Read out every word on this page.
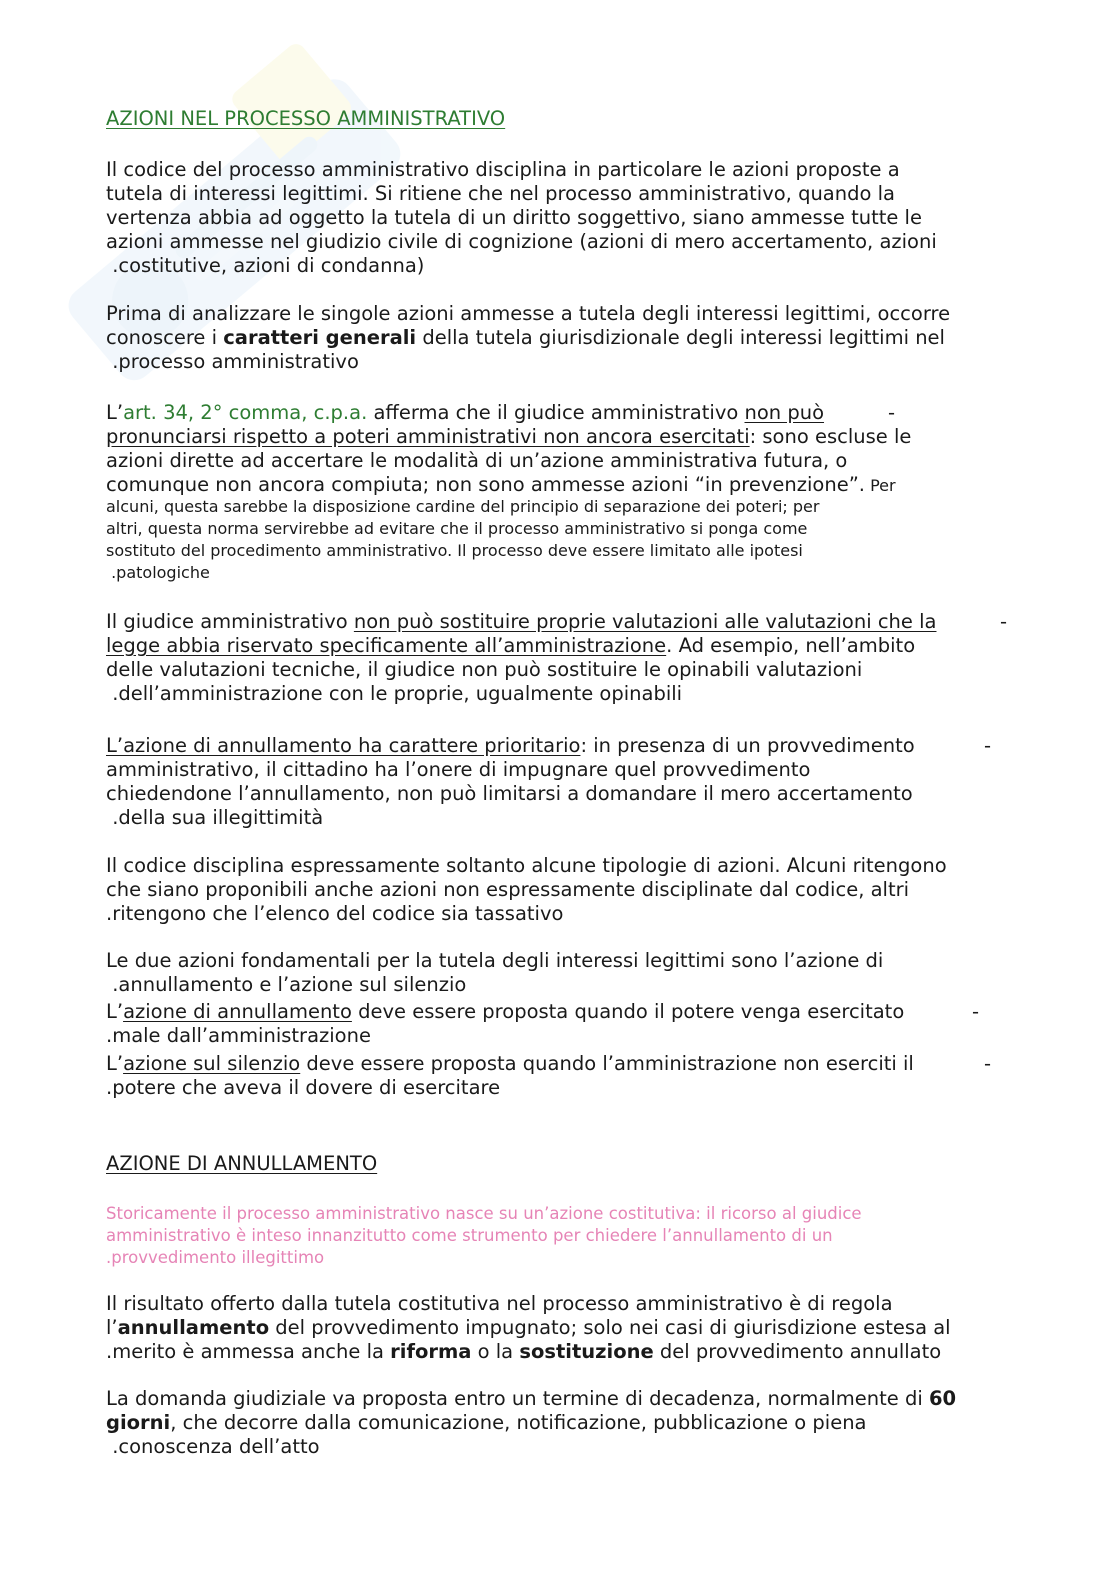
AZIONI NEL PROCESSO AMMINISTRATIVO
Il codice del processo amministrativo disciplina in particolare le azioni proposte a
tutela di interessi legittimi. Si ritiene che nel processo amministrativo, quando la
vertenza abbia ad oggetto la tutela di un diritto soggettivo, siano ammesse tutte le
azioni ammesse nel giudizio civile di cognizione (azioni di mero accertamento, azioni
.costitutive, azioni di condanna)
Prima di analizzare le singole azioni ammesse a tutela degli interessi legittimi, occorre
conoscere i caratteri generali della tutela giurisdizionale degli interessi legittimi nel
.processo amministrativo
L’art. 34, 2° comma, c.p.a. afferma che il giudice amministrativo non può	-
pronunciarsi rispetto a poteri amministrativi non ancora esercitati: sono escluse le
azioni dirette ad accertare le modalità di un’azione amministrativa futura, o
comunque non ancora compiuta; non sono ammesse azioni “in prevenzione”. Per
alcuni, questa sarebbe la disposizione cardine del principio di separazione dei poteri; per
altri, questa norma servirebbe ad evitare che il processo amministrativo si ponga come
sostituto del procedimento amministrativo. Il processo deve essere limitato alle ipotesi
.patologiche
Il giudice amministrativo non può sostituire proprie valutazioni alle valutazioni che la	-
legge abbia riservato specificamente all’amministrazione. Ad esempio, nell’ambito
delle valutazioni tecniche, il giudice non può sostituire le opinabili valutazioni
.dell’amministrazione con le proprie, ugualmente opinabili
L’azione di annullamento ha carattere prioritario: in presenza di un provvedimento	-
amministrativo, il cittadino ha l’onere di impugnare quel provvedimento
chiedendone l’annullamento, non può limitarsi a domandare il mero accertamento
.della sua illegittimità
Il codice disciplina espressamente soltanto alcune tipologie di azioni. Alcuni ritengono
che siano proponibili anche azioni non espressamente disciplinate dal codice, altri
.ritengono che l’elenco del codice sia tassativo
Le due azioni fondamentali per la tutela degli interessi legittimi sono l’azione di
.annullamento e l’azione sul silenzio
L’azione di annullamento deve essere proposta quando il potere venga esercitato	-
.male dall’amministrazione
L’azione sul silenzio deve essere proposta quando l’amministrazione non eserciti il	-
.potere che aveva il dovere di esercitare
AZIONE DI ANNULLAMENTO
Storicamente il processo amministrativo nasce su un’azione costitutiva: il ricorso al giudice
amministrativo è inteso innanzitutto come strumento per chiedere l’annullamento di un
.provvedimento illegittimo
Il risultato offerto dalla tutela costitutiva nel processo amministrativo è di regola
l’annullamento del provvedimento impugnato; solo nei casi di giurisdizione estesa al
.merito è ammessa anche la riforma o la sostituzione del provvedimento annullato
La domanda giudiziale va proposta entro un termine di decadenza, normalmente di 60
giorni, che decorre dalla comunicazione, notificazione, pubblicazione o piena
.conoscenza dell’atto
